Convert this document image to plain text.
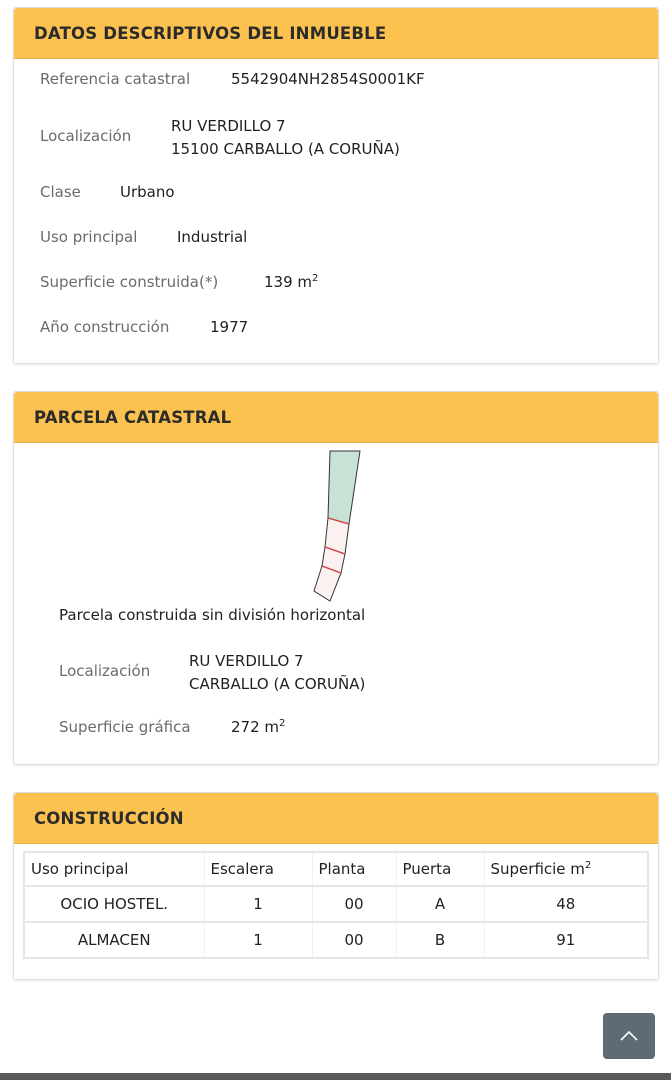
DATOS DESCRIPTIVOS DEL INMUEBLE
Referencia catastral	5542904NH2854S0001KF
Localización
RU VERDILLO 7
15100 CARBALLO (A CORUÑA)
Clase	Urbano
Uso principal	Industrial
Superficie construida(*)	139 $m^2$
Año construcción	1977
PARCELA CATASTRAL
Parcela construida sin división horizontal
Localización
RU VERDILLO 7
CARBALLO (A CORUÑA)
Superficie gráfica	272 $m^2$
CONSTRUCCIÓN
Uso principal	Escalera	Planta	Puerta	Superficie $m^2$
OCIO HOSTEL.	1	00	A	48
ALMACEN	1	00	B	91
